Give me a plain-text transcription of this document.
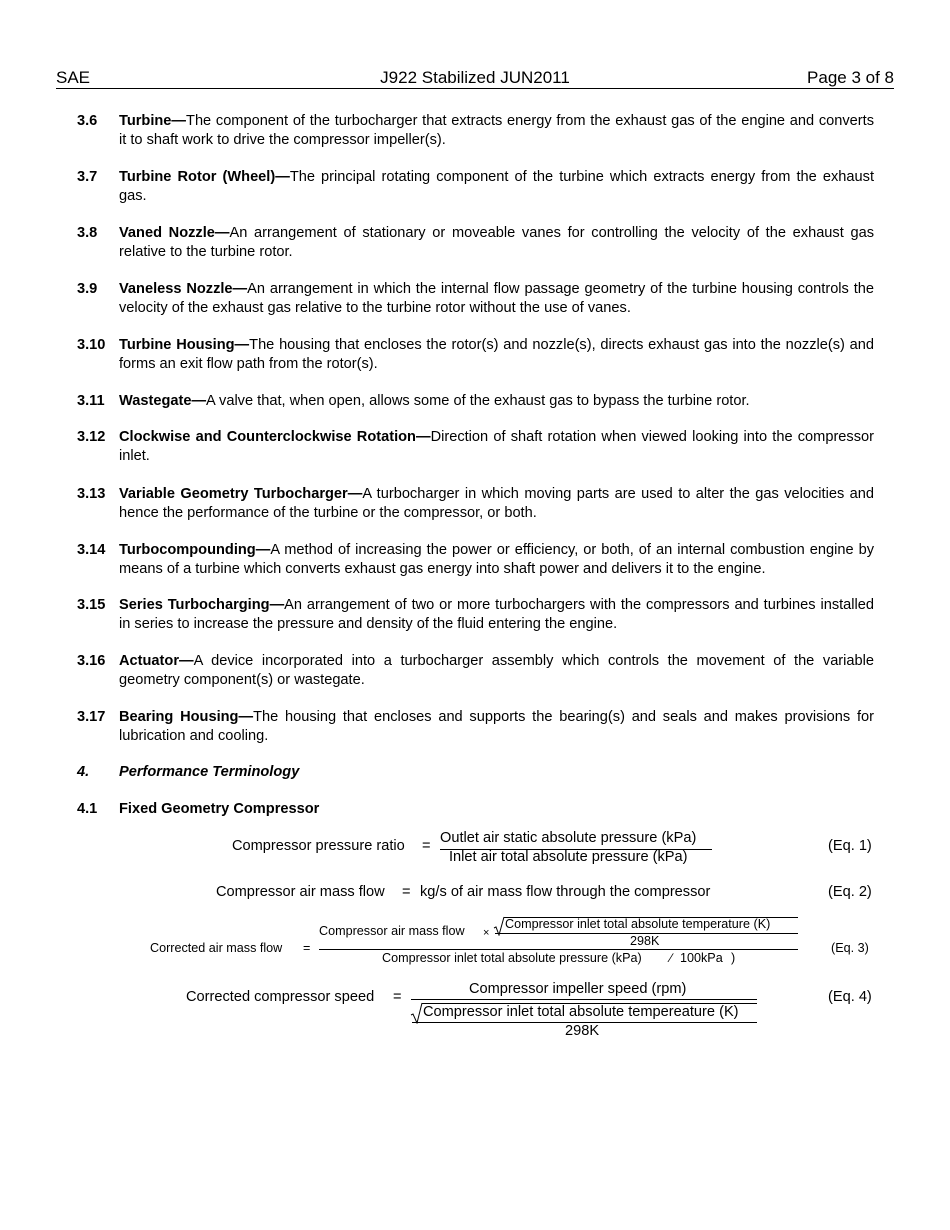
SAE	J922 Stabilized JUN2011	Page 3 of 8
3.6 Turbine—The component of the turbocharger that extracts energy from the exhaust gas of the engine and converts it to shaft work to drive the compressor impeller(s).
3.7 Turbine Rotor (Wheel)—The principal rotating component of the turbine which extracts energy from the exhaust gas.
3.8 Vaned Nozzle—An arrangement of stationary or moveable vanes for controlling the velocity of the exhaust gas relative to the turbine rotor.
3.9 Vaneless Nozzle—An arrangement in which the internal flow passage geometry of the turbine housing controls the velocity of the exhaust gas relative to the turbine rotor without the use of vanes.
3.10 Turbine Housing—The housing that encloses the rotor(s) and nozzle(s), directs exhaust gas into the nozzle(s) and forms an exit flow path from the rotor(s).
3.11 Wastegate—A valve that, when open, allows some of the exhaust gas to bypass the turbine rotor.
3.12 Clockwise and Counterclockwise Rotation—Direction of shaft rotation when viewed looking into the compressor inlet.
3.13 Variable Geometry Turbocharger—A turbocharger in which moving parts are used to alter the gas velocities and hence the performance of the turbine or the compressor, or both.
3.14 Turbocompounding—A method of increasing the power or efficiency, or both, of an internal combustion engine by means of a turbine which converts exhaust gas energy into shaft power and delivers it to the engine.
3.15 Series Turbocharging—An arrangement of two or more turbochargers with the compressors and turbines installed in series to increase the pressure and density of the fluid entering the engine.
3.16 Actuator—A device incorporated into a turbocharger assembly which controls the movement of the variable geometry component(s) or wastegate.
3.17 Bearing Housing—The housing that encloses and supports the bearing(s) and seals and makes provisions for lubrication and cooling.
4. Performance Terminology
4.1 Fixed Geometry Compressor
Compressor pressure ratio = Outlet air static absolute pressure (kPa)
Inlet air total absolute pressure (kPa)
(Eq. 1)
Compressor air mass flow = kg/s of air mass flow through the compressor	(Eq. 2)
Corrected air mass flow =
Compressor air mass flow ×
Compressor inlet total absolute temperature (K)
298K
Compressor inlet total absolute pressure (kPa) ∕ 100kPa )
(Eq. 3)
Corrected compressor speed =	Compressor impeller speed (rpm)
Compressor inlet total absolute tempereature (K)
298K
(Eq. 4)
